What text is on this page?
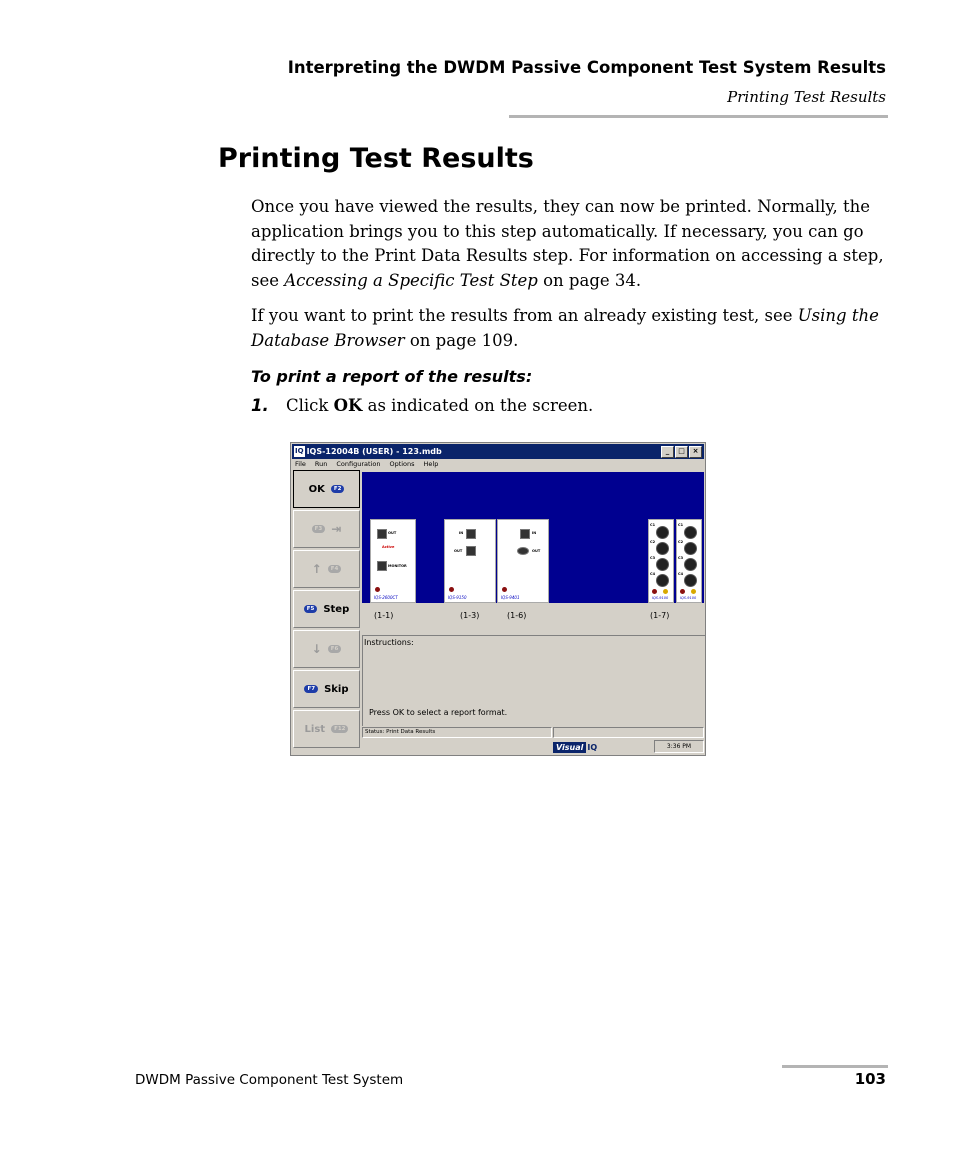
Interpreting the DWDM Passive Component Test System Results
Printing Test Results
Printing Test Results

Once you have viewed the results, they can now be printed. Normally, the application brings you to this step automatically. If necessary, you can go directly to the Print Data Results step. For information on accessing a step, see Accessing a Specific Test Step on page 34.

If you want to print the results from an already existing test, see Using the Database Browser on page 109.

To print a report of the results:
1. Click OK as indicated on the screen.
IQ IQS-12004B (USER) - 123.mdb	_	□	×
File Run Configuration Options Help
OK	F2
F3 ⇥
↑	F4
F5 Step
↓	F6
F7 Skip
List	F12
OUT
Active
MONITOR
IQS-2600CT
IN
OUT
IQS-9150
IN
OUT
IQS-9401
C1
C2
C3
C4
IQS-9100
C1
C2
C3
C4
IQS-9100
(1-1)	(1-3)	(1-6)	(1-7)
Instructions:
Press OK to select a report format.
Status: Print Data Results
Visual IQ	3:36 PM
DWDM Passive Component Test System	103
